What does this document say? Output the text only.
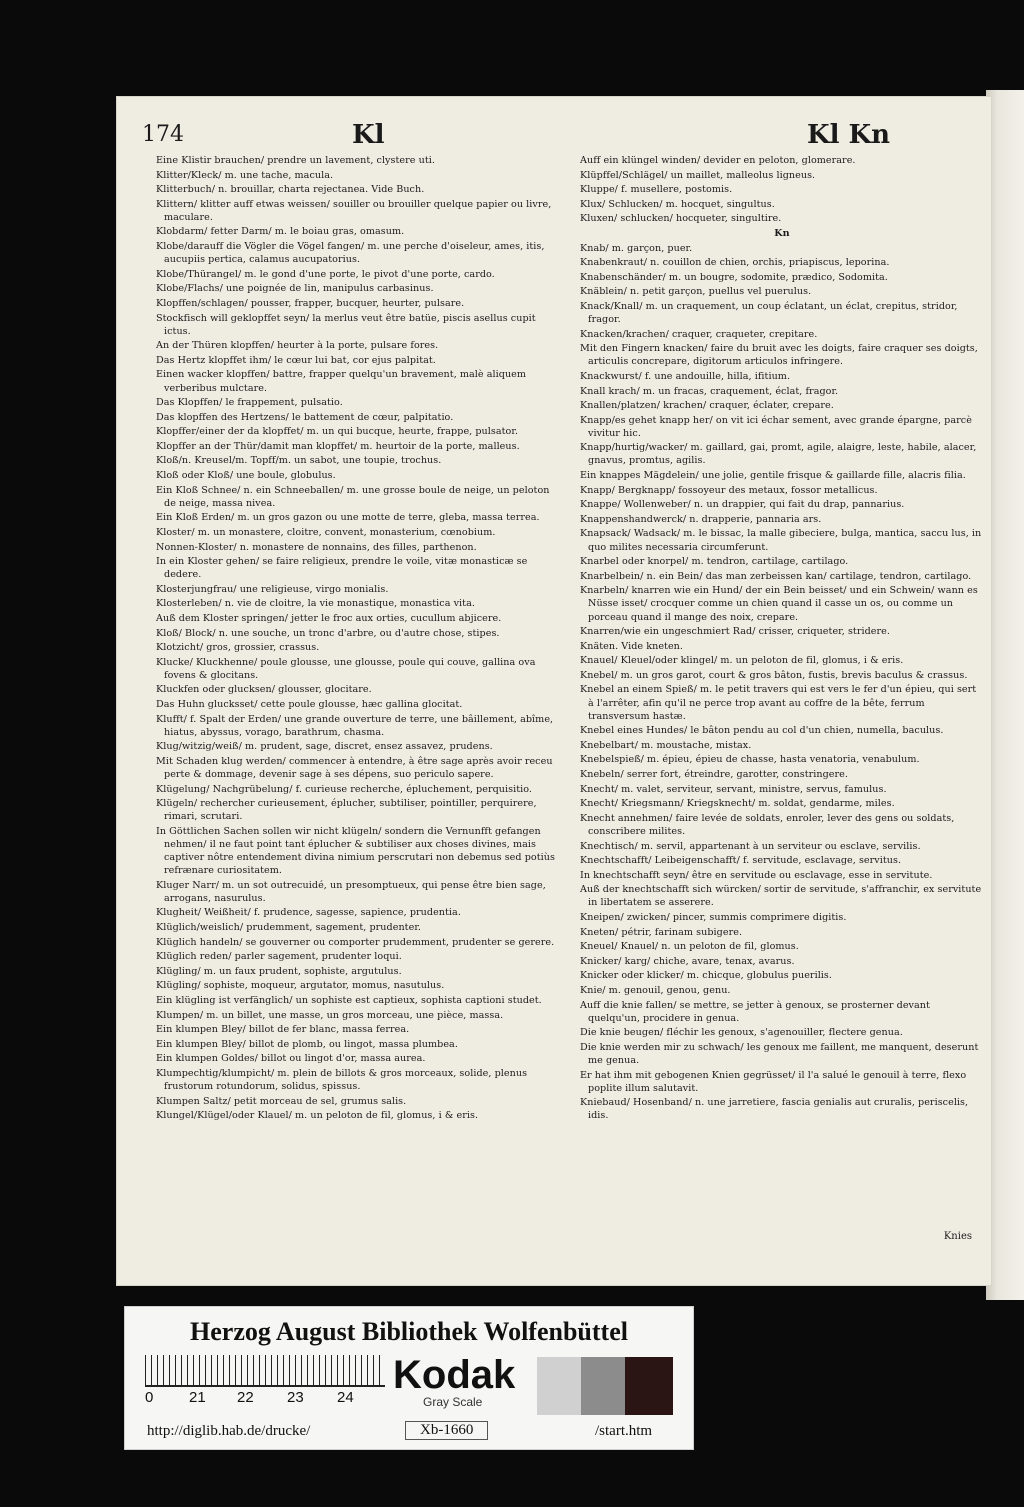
174	Kl	Kl Kn
Eine Klistir brauchen/ prendre un lavement, clystere uti.
Klitter/Kleck/ m. une tache, macula.
Klitterbuch/ n. brouillar, charta rejectanea. Vide Buch.
Klittern/ klitter auff etwas weissen/ souiller ou brouiller quelque papier ou livre, maculare.
Klobdarm/ fetter Darm/ m. le boiau gras, omasum.
Klobe/darauff die Vögler die Vögel fangen/ m. une perche d'oiseleur, ames, itis, aucupiis pertica, calamus aucupatorius.
Klobe/Thürangel/ m. le gond d'une porte, le pivot d'une porte, cardo.
Klobe/Flachs/ une poignée de lin, manipulus carbasinus.
Klopffen/schlagen/ pousser, frapper, bucquer, heurter, pulsare.
Stockfisch will geklopffet seyn/ la merlus veut être batüe, piscis asellus cupit ictus.
An der Thüren klopffen/ heurter à la porte, pulsare fores.
Das Hertz klopffet ihm/ le cœur lui bat, cor ejus palpitat.
Einen wacker klopffen/ battre, frapper quelqu'un bravement, malè aliquem verberibus mulctare.
Das Klopffen/ le frappement, pulsatio.
Das klopffen des Hertzens/ le battement de cœur, palpitatio.
Klopffer/einer der da klopffet/ m. un qui bucque, heurte, frappe, pulsator.
Klopffer an der Thür/damit man klopffet/ m. heurtoir de la porte, malleus.
Kloß/n. Kreusel/m. Topff/m. un sabot, une toupie, trochus.
Kloß oder Kloß/ une boule, globulus.
Ein Kloß Schnee/ n. ein Schneeballen/ m. une grosse boule de neige, un peloton de neige, massa nivea.
Ein Kloß Erden/ m. un gros gazon ou une motte de terre, gleba, massa terrea.
Kloster/ m. un monastere, cloitre, convent, monasterium, cœnobium.
Nonnen-Kloster/ n. monastere de nonnains, des filles, parthenon.
In ein Kloster gehen/ se faire religieux, prendre le voile, vitæ monasticæ se dedere.
Klosterjungfrau/ une religieuse, virgo monialis.
Klosterleben/ n. vie de cloitre, la vie monastique, monastica vita.
Auß dem Kloster springen/ jetter le froc aux orties, cucullum abjicere.
Kloß/ Block/ n. une souche, un tronc d'arbre, ou d'autre chose, stipes.
Klotzicht/ gros, grossier, crassus.
Klucke/ Kluckhenne/ poule glousse, une glousse, poule qui couve, gallina ova fovens & glocitans.
Kluckfen oder glucksen/ glousser, glocitare.
Das Huhn glucksset/ cette poule glousse, hæc gallina glocitat.
Klufft/ f. Spalt der Erden/ une grande ouverture de terre, une bâillement, abîme, hiatus, abyssus, vorago, barathrum, chasma.
Klug/witzig/weiß/ m. prudent, sage, discret, ensez assavez, prudens.
Mit Schaden klug werden/ commencer à entendre, à être sage après avoir receu perte & dommage, devenir sage à ses dépens, suo periculo sapere.
Klügelung/ Nachgrübelung/ f. curieuse recherche, épluchement, perquisitio.
Klügeln/ rechercher curieusement, éplucher, subtiliser, pointiller, perquirere, rimari, scrutari.
In Göttlichen Sachen sollen wir nicht klügeln/ sondern die Vernunfft gefangen nehmen/ il ne faut point tant éplucher & subtiliser aux choses divines, mais captiver nôtre entendement divina nimium perscrutari non debemus sed potiùs refrænare curiositatem.
Kluger Narr/ m. un sot outrecuidé, un presomptueux, qui pense être bien sage, arrogans, nasurulus.
Klugheit/ Weißheit/ f. prudence, sagesse, sapience, prudentia.
Klüglich/weislich/ prudemment, sagement, prudenter.
Klüglich handeln/ se gouverner ou comporter prudemment, prudenter se gerere.
Klüglich reden/ parler sagement, prudenter loqui.
Klügling/ m. un faux prudent, sophiste, argutulus.
Klügling/ sophiste, moqueur, argutator, momus, nasutulus.
Ein klügling ist verfänglich/ un sophiste est captieux, sophista captioni studet.
Klumpen/ m. un billet, une masse, un gros morceau, une pièce, massa.
Ein klumpen Bley/ billot de fer blanc, massa ferrea.
Ein klumpen Bley/ billot de plomb, ou lingot, massa plumbea.
Ein klumpen Goldes/ billot ou lingot d'or, massa aurea.
Klumpechtig/klumpicht/ m. plein de billots & gros morceaux, solide, plenus frustorum rotundorum, solidus, spissus.
Klumpen Saltz/ petit morceau de sel, grumus salis.
Klungel/Klügel/oder Klauel/ m. un peloton de fil, glomus, i & eris.
Auff ein klüngel winden/ devider en peloton, glomerare.
Klüpffel/Schlägel/ un maillet, malleolus ligneus.
Kluppe/ f. musellere, postomis.
Klux/ Schlucken/ m. hocquet, singultus.
Kluxen/ schlucken/ hocqueter, singultire.
Kn
Knab/ m. garçon, puer.
Knabenkraut/ n. couillon de chien, orchis, priapiscus, leporina.
Knabenschänder/ m. un bougre, sodomite, prædico, Sodomita.
Knäblein/ n. petit garçon, puellus vel puerulus.
Knack/Knall/ m. un craquement, un coup éclatant, un éclat, crepitus, stridor, fragor.
Knacken/krachen/ craquer, craqueter, crepitare.
Mit den Fingern knacken/ faire du bruit avec les doigts, faire craquer ses doigts, articulis concrepare, digitorum articulos infringere.
Knackwurst/ f. une andouille, hilla, ifitium.
Knall krach/ m. un fracas, craquement, éclat, fragor.
Knallen/platzen/ krachen/ craquer, éclater, crepare.
Knapp/es gehet knapp her/ on vit ici échar sement, avec grande épargne, parcè vivitur hic.
Knapp/hurtig/wacker/ m. gaillard, gai, promt, agile, alaigre, leste, habile, alacer, gnavus, promtus, agilis.
Ein knappes Mägdelein/ une jolie, gentile frisque & gaillarde fille, alacris filia.
Knapp/ Bergknapp/ fossoyeur des metaux, fossor metallicus.
Knappe/ Wollenweber/ n. un drappier, qui fait du drap, pannarius.
Knappenshandwerck/ n. drapperie, pannaria ars.
Knapsack/ Wadsack/ m. le bissac, la malle gibeciere, bulga, mantica, saccu lus, in quo milites necessaria circumferunt.
Knarbel oder knorpel/ m. tendron, cartilage, cartilago.
Knarbelbein/ n. ein Bein/ das man zerbeissen kan/ cartilage, tendron, cartilago.
Knarbeln/ knarren wie ein Hund/ der ein Bein beisset/ und ein Schwein/ wann es Nüsse isset/ crocquer comme un chien quand il casse un os, ou comme un porceau quand il mange des noix, crepare.
Knarren/wie ein ungeschmiert Rad/ crisser, criqueter, stridere.
Knäten. Vide kneten.
Knauel/ Kleuel/oder klingel/ m. un peloton de fil, glomus, i & eris.
Knebel/ m. un gros garot, court & gros bâton, fustis, brevis baculus & crassus.
Knebel an einem Spieß/ m. le petit travers qui est vers le fer d'un épieu, qui sert à l'arrêter, afin qu'il ne perce trop avant au coffre de la bête, ferrum transversum hastæ.
Knebel eines Hundes/ le bâton pendu au col d'un chien, numella, baculus.
Knebelbart/ m. moustache, mistax.
Knebelspieß/ m. épieu, épieu de chasse, hasta venatoria, venabulum.
Knebeln/ serrer fort, étreindre, garotter, constringere.
Knecht/ m. valet, serviteur, servant, ministre, servus, famulus.
Knecht/ Kriegsmann/ Kriegsknecht/ m. soldat, gendarme, miles.
Knecht annehmen/ faire levée de soldats, enroler, lever des gens ou soldats, conscribere milites.
Knechtisch/ m. servil, appartenant à un serviteur ou esclave, servilis.
Knechtschafft/ Leibeigenschafft/ f. servitude, esclavage, servitus.
In knechtschafft seyn/ être en servitude ou esclavage, esse in servitute.
Auß der knechtschafft sich würcken/ sortir de servitude, s'affranchir, ex servitute in libertatem se asserere.
Kneipen/ zwicken/ pincer, summis comprimere digitis.
Kneten/ pétrir, farinam subigere.
Kneuel/ Knauel/ n. un peloton de fil, glomus.
Knicker/ karg/ chiche, avare, tenax, avarus.
Knicker oder klicker/ m. chicque, globulus puerilis.
Knie/ m. genouil, genou, genu.
Auff die knie fallen/ se mettre, se jetter à genoux, se prosterner devant quelqu'un, procidere in genua.
Die knie beugen/ fléchir les genoux, s'agenouiller, flectere genua.
Die knie werden mir zu schwach/ les genoux me faillent, me manquent, deserunt me genua.
Er hat ihm mit gebogenen Knien gegrüsset/ il l'a salué le genouil à terre, flexo poplite illum salutavit.
Kniebaud/ Hosenband/ n. une jarretiere, fascia genialis aut cruralis, periscelis, idis.
Knies
Herzog August Bibliothek Wolfenbüttel
0 21 22 23 24
Kodak
Gray Scale
http://diglib.hab.de/drucke/	Xb-1660	/start.htm
